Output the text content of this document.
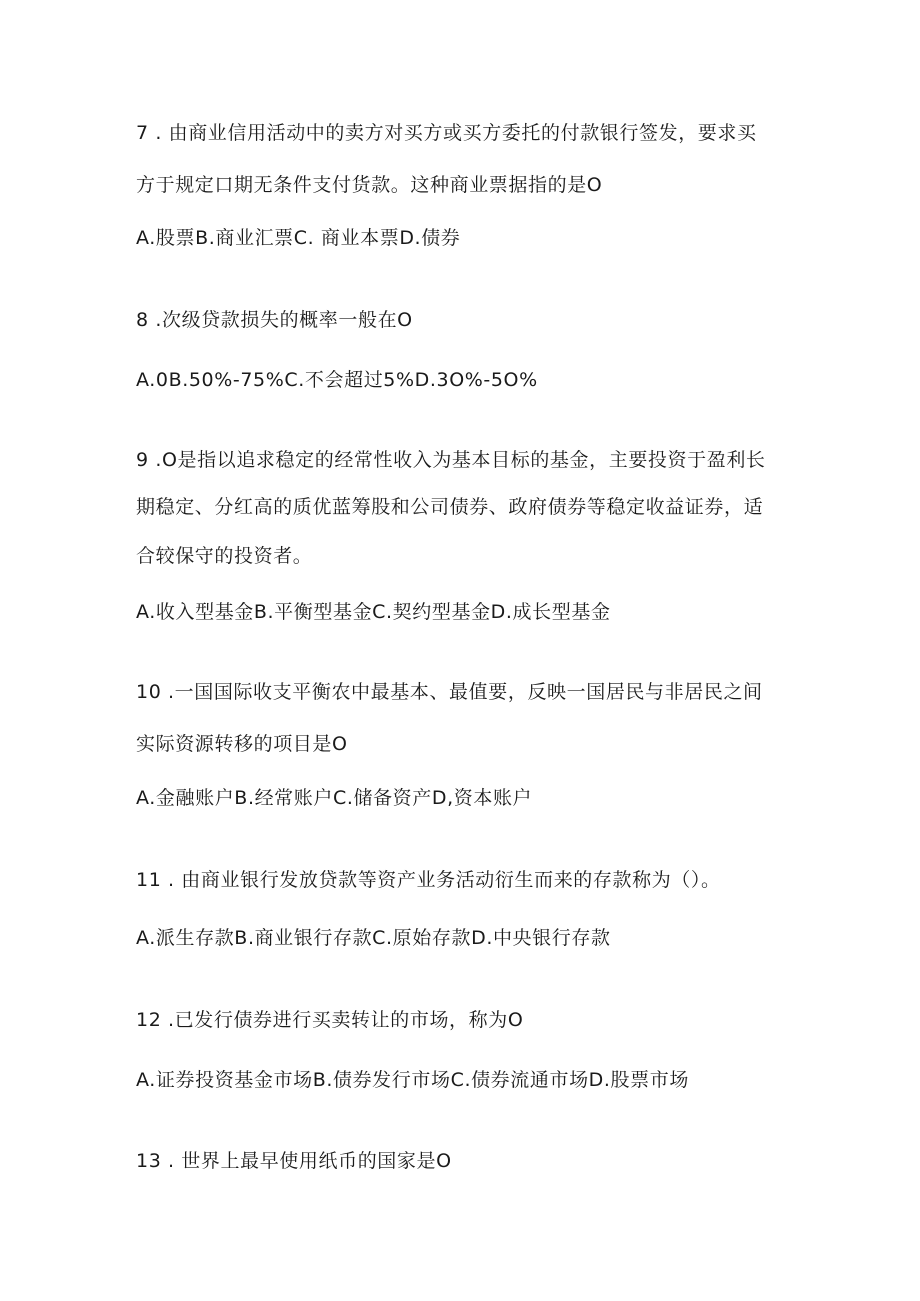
7 . 由商业信用活动中的卖方对买方或买方委托的付款银行签发，要求买

方于规定口期无条件支付货款。这种商业票据指的是O

A.股票B.商业汇票C. 商业本票D.债券

8 .次级贷款损失的概率一般在O

A.0B.50%-75%C.不会超过5%D.3O%-5O%

9 .O是指以追求稳定的经常性收入为基本目标的基金，主要投资于盈利长

期稳定、分红高的质优蓝筹股和公司债券、政府债券等稳定收益证券，适

合较保守的投资者。

A.收入型基金B.平衡型基金C.契约型基金D.成长型基金

10 .一国国际收支平衡农中最基本、最值要，反映一国居民与非居民之间

实际资源转移的项目是O

A.金融账户B.经常账户C.储备资产D,资本账户

11 . 由商业银行发放贷款等资产业务活动衍生而来的存款称为（）。

A.派生存款B.商业银行存款C.原始存款D.中央银行存款

12 .已发行债券进行买卖转让的市场，称为O

A.证券投资基金市场B.债券发行市场C.债券流通市场D.股票市场

13 . 世界上最早使用纸币的国家是O
